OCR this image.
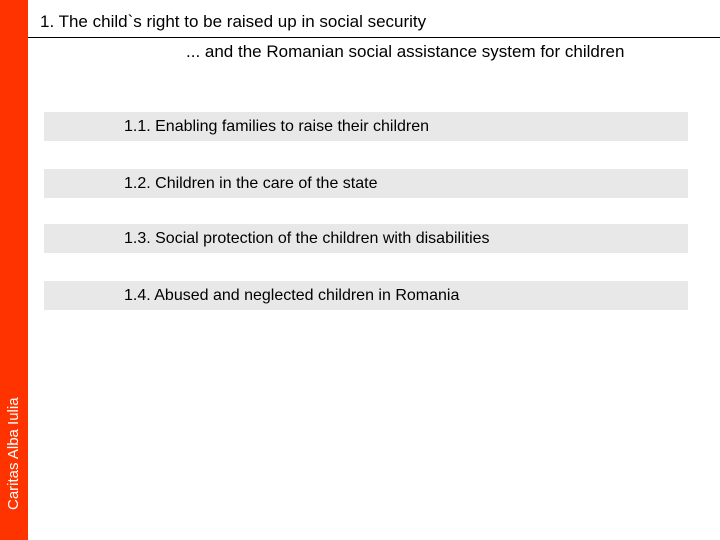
Caritas Alba Iulia
1. The child`s right to be raised up in social security
... and the Romanian social assistance system for children
1.1. Enabling families to raise their children
1.2. Children in the care of the state
1.3. Social protection of the children with disabilities
1.4. Abused and neglected children in Romania
